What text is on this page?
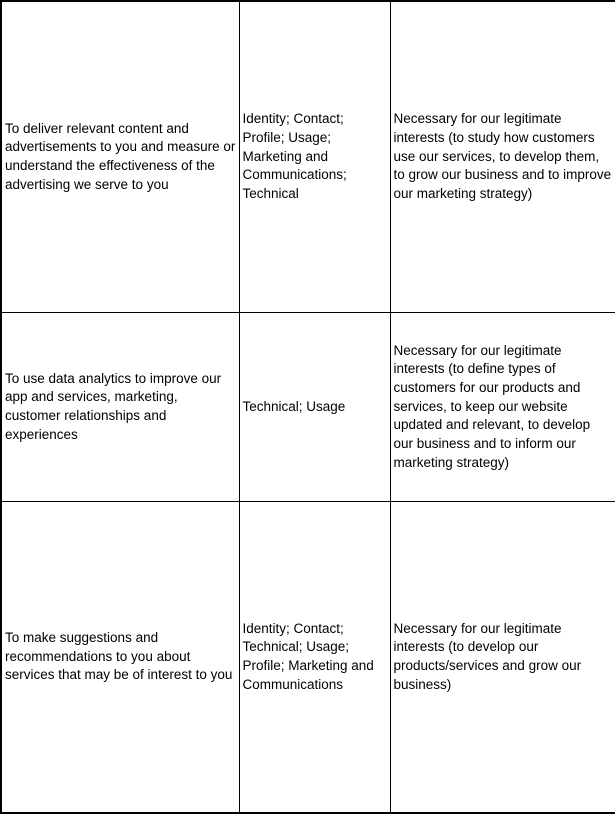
To deliver relevant content and advertisements to you and measure or understand the effectiveness of the advertising we serve to you	Identity; Contact; Profile; Usage; Marketing and Communications; Technical	Necessary for our legitimate interests (to study how customers use our services, to develop them, to grow our business and to improve our marketing strategy)
To use data analytics to improve our app and services, marketing, customer relationships and experiences	Technical; Usage	Necessary for our legitimate interests (to define types of customers for our products and services, to keep our website updated and relevant, to develop our business and to inform our marketing strategy)
To make suggestions and recommendations to you about services that may be of interest to you	Identity; Contact; Technical; Usage; Profile; Marketing and Communications	Necessary for our legitimate interests (to develop our products/services and grow our business)
